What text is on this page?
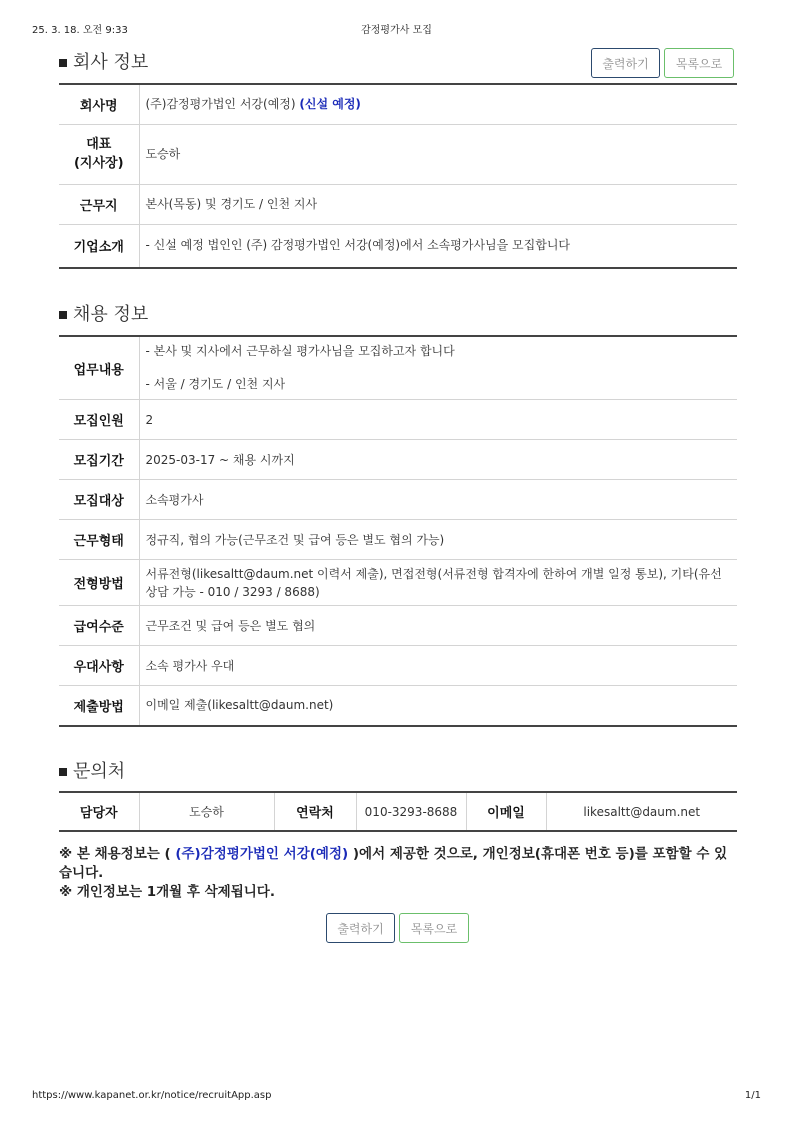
25. 3. 18. 오전 9:33	감정평가사 모집
회사 정보	출력하기	목록으로
회사명	(주)감정평가법인 서강(예정) (신설 예정)

대표
(지사장)	도승하
근무지	본사(목동) 및 경기도 / 인천 지사
기업소개	- 신설 예정 법인인 (주) 감정평가법인 서강(예정)에서 소속평가사님을 모집합니다
채용 정보
업무내용	- 본사 및 지사에서 근무하실 평가사님을 모집하고자 합니다
- 서울 / 경기도 / 인천 지사

모집인원	2
모집기간	2025-03-17 ~ 채용 시까지
모집대상	소속평가사
근무형태	정규직, 협의 가능(근무조건 및 급여 등은 별도 협의 가능)
전형방법	서류전형(likesaltt@daum.net 이력서 제출), 면접전형(서류전형 합격자에 한하여 개별 일정 통보), 기타(유선상담 가능 - 010 / 3293 / 8688)
급여수준	근무조건 및 급여 등은 별도 협의
우대사항	소속 평가사 우대
제출방법	이메일 제출(likesaltt@daum.net)
문의처
담당자	도승하	연락처	010-3293-8688	이메일	likesaltt@daum.net
※ 본 채용정보는 ( (주)감정평가법인 서강(예정) )에서 제공한 것으로, 개인정보(휴대폰 번호 등)를 포함할 수 있습니다.
※ 개인정보는 1개월 후 삭제됩니다.
출력하기	목록으로
https://www.kapanet.or.kr/notice/recruitApp.asp	1/1
